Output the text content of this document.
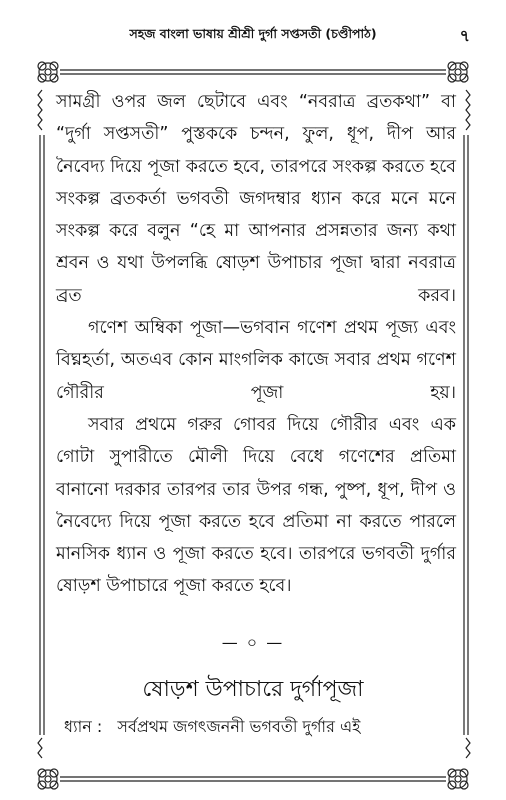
সহজ বাংলা ভাষায় শ্রীশ্রী দুর্গা সপ্তসতী (চণ্ডীপাঠ)	৭

সামগ্রী ওপর জল ছেটাবে এবং “নবরাত্র ব্রতকথা” বা “দুর্গা সপ্তসতী” পুস্তককে চন্দন, ফুল, ধূপ, দীপ আর নৈবেদ্য দিয়ে পূজা করতে হবে, তারপরে সংকল্প করতে হবে সংকল্প ব্রতকর্তা ভগবতী জগদম্বার ধ্যান করে মনে মনে সংকল্প করে বলুন “হে মা আপনার প্রসন্নতার জন্য কথা শ্রবন ও যথা উপলব্ধি ষোড়শ উপাচার পূজা দ্বারা নবরাত্র ব্রত করব।

গণেশ অম্বিকা পূজা—ভগবান গণেশ প্রথম পূজ্য এবং বিঘ্নহর্তা, অতএব কোন মাংগলিক কাজে সবার প্রথম গণেশ গৌরীর পূজা হয়।

সবার প্রথমে গরুর গোবর দিয়ে গৌরীর এবং এক গোটা সুপারীতে মৌলী দিয়ে বেধে গণেশের প্রতিমা বানানো দরকার তারপর তার উপর গন্ধ, পুষ্প, ধূপ, দীপ ও নৈবেদ্যে দিয়ে পূজা করতে হবে প্রতিমা না করতে পারলে মানসিক ধ্যান ও পূজা করতে হবে। তারপরে ভগবতী দুর্গার ষোড়শ উপাচারে পূজা করতে হবে।

— ০ —
ষোড়শ উপাচারে দুর্গাপূজা
ধ্যান : সর্বপ্রথম জগৎজননী ভগবতী দুর্গার এই
